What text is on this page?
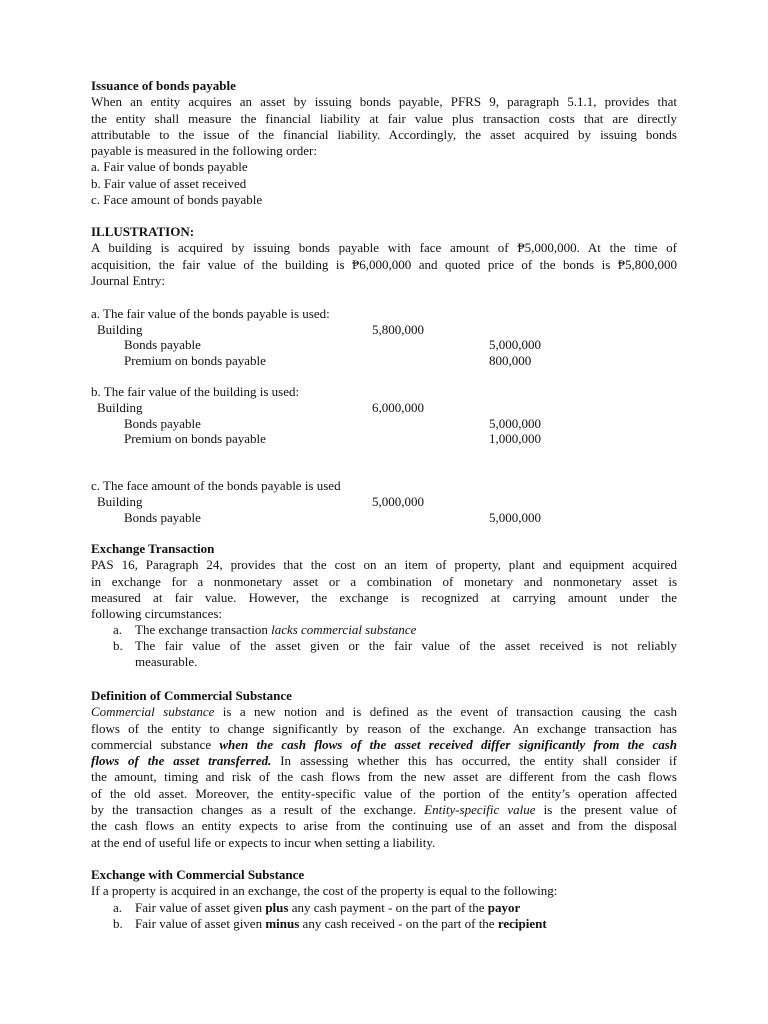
Issuance of bonds payable
When an entity acquires an asset by issuing bonds payable, PFRS 9, paragraph 5.1.1, provides that
the entity shall measure the financial liability at fair value plus transaction costs that are directly
attributable to the issue of the financial liability. Accordingly, the asset acquired by issuing bonds
payable is measured in the following order:
a. Fair value of bonds payable
b. Fair value of asset received
c. Face amount of bonds payable
ILLUSTRATION:
A building is acquired by issuing bonds payable with face amount of ₱5,000,000. At the time of
acquisition, the fair value of the building is ₱6,000,000 and quoted price of the bonds is ₱5,800,000
Journal Entry:
a. The fair value of the bonds payable is used:
Building	5,800,000
Bonds payable	5,000,000
Premium on bonds payable	800,000
b. The fair value of the building is used:
Building	6,000,000
Bonds payable	5,000,000
Premium on bonds payable	1,000,000
c. The face amount of the bonds payable is used
Building	5,000,000
Bonds payable	5,000,000
Exchange Transaction
PAS 16, Paragraph 24, provides that the cost on an item of property, plant and equipment acquired
in exchange for a nonmonetary asset or a combination of monetary and nonmonetary asset is
measured at fair value. However, the exchange is recognized at carrying amount under the
following circumstances:
a. The exchange transaction lacks commercial substance
b. The fair value of the asset given or the fair value of the asset received is not reliably
measurable.
Definition of Commercial Substance
Commercial substance is a new notion and is defined as the event of transaction causing the cash
flows of the entity to change significantly by reason of the exchange. An exchange transaction has
commercial substance when the cash flows of the asset received differ significantly from the cash
flows of the asset transferred. In assessing whether this has occurred, the entity shall consider if
the amount, timing and risk of the cash flows from the new asset are different from the cash flows
of the old asset. Moreover, the entity-specific value of the portion of the entity’s operation affected
by the transaction changes as a result of the exchange. Entity-specific value is the present value of
the cash flows an entity expects to arise from the continuing use of an asset and from the disposal
at the end of useful life or expects to incur when setting a liability.
Exchange with Commercial Substance
If a property is acquired in an exchange, the cost of the property is equal to the following:
a. Fair value of asset given plus any cash payment - on the part of the payor
b. Fair value of asset given minus any cash received - on the part of the recipient
